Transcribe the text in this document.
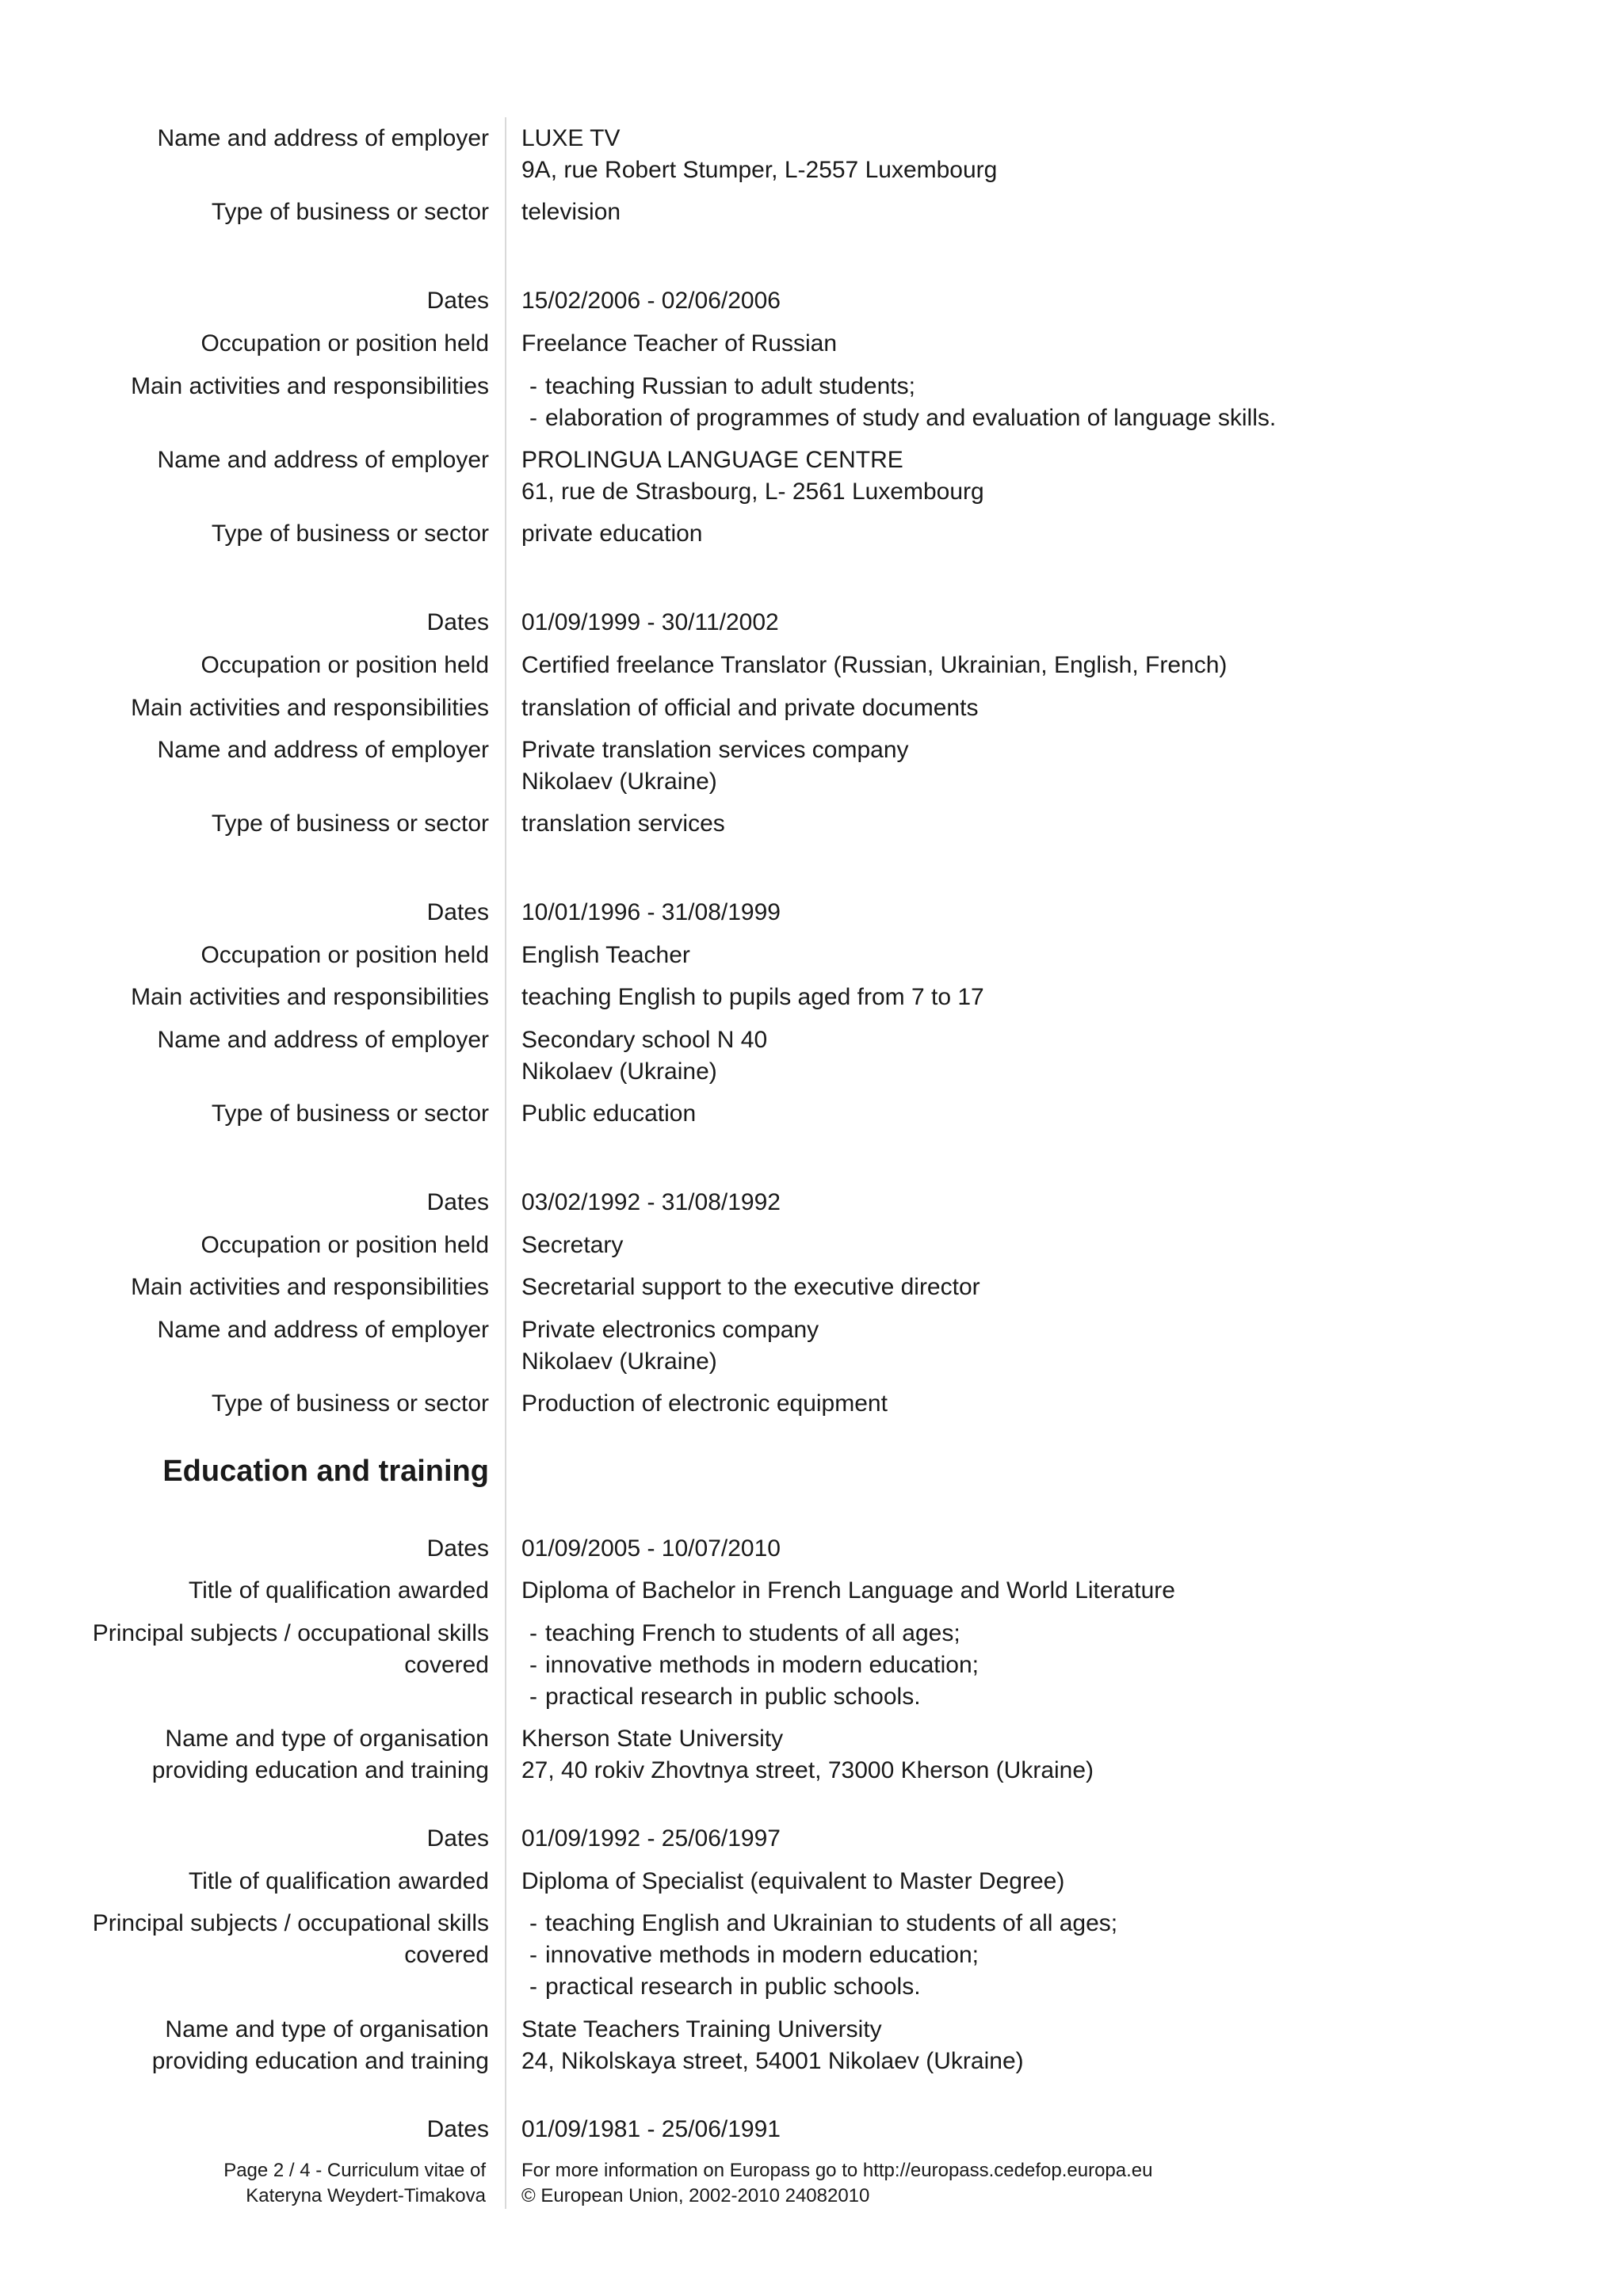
Name and address of employer LUXE TV
9A, rue Robert Stumper, L-2557 Luxembourg
Type of business or sector television
Dates 15/02/2006 - 02/06/2006
Occupation or position held Freelance Teacher of Russian
Main activities and responsibilities	- teaching Russian to adult students;
- elaboration of programmes of study and evaluation of language skills.
Name and address of employer PROLINGUA LANGUAGE CENTRE
61, rue de Strasbourg, L- 2561 Luxembourg
Type of business or sector private education
Dates 01/09/1999 - 30/11/2002
Occupation or position held Certified freelance Translator (Russian, Ukrainian, English, French)
Main activities and responsibilities translation of official and private documents
Name and address of employer Private translation services company
Nikolaev (Ukraine)
Type of business or sector translation services
Dates 10/01/1996 - 31/08/1999
Occupation or position held English Teacher
Main activities and responsibilities teaching English to pupils aged from 7 to 17
Name and address of employer Secondary school N 40
Nikolaev (Ukraine)
Type of business or sector Public education
Dates 03/02/1992 - 31/08/1992
Occupation or position held Secretary
Main activities and responsibilities Secretarial support to the executive director
Name and address of employer Private electronics company
Nikolaev (Ukraine)
Type of business or sector Production of electronic equipment
Education and training
Dates 01/09/2005 - 10/07/2010
Title of qualification awarded Diploma of Bachelor in French Language and World Literature
Principal subjects / occupational skills
covered
- teaching French to students of all ages;
- innovative methods in modern education;
- practical research in public schools.
Name and type of organisation
providing education and training
Kherson State University
27, 40 rokiv Zhovtnya street, 73000 Kherson (Ukraine)
Dates 01/09/1992 - 25/06/1997
Title of qualification awarded Diploma of Specialist (equivalent to Master Degree)
Principal subjects / occupational skills
covered
- teaching English and Ukrainian to students of all ages;
- innovative methods in modern education;
- practical research in public schools.
Name and type of organisation
providing education and training
State Teachers Training University
24, Nikolskaya street, 54001 Nikolaev (Ukraine)
Dates 01/09/1981 - 25/06/1991
Page 2 / 4 - Curriculum vitae of
Kateryna Weydert-Timakova
For more information on Europass go to http://europass.cedefop.europa.eu
© European Union, 2002-2010 24082010
